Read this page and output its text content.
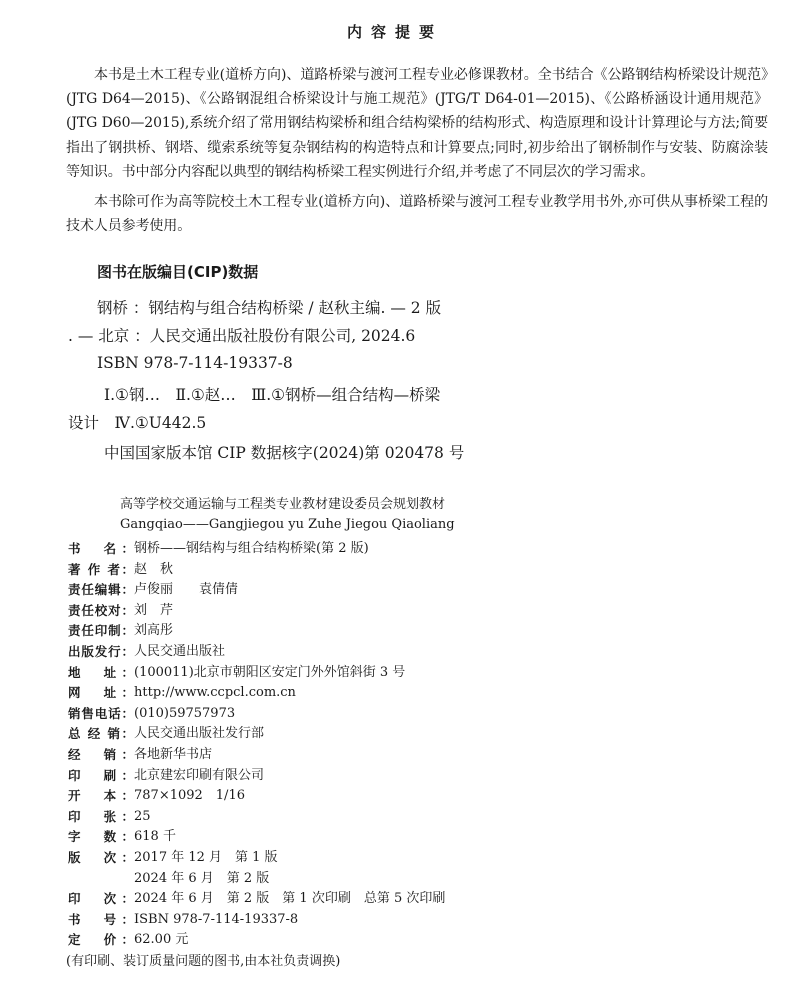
内容提要

本书是土木工程专业(道桥方向)、道路桥梁与渡河工程专业必修课教材。全书结合《公路钢结构桥梁设计规范》(JTG D64—2015)、《公路钢混组合桥梁设计与施工规范》(JTG/T D64-01—2015)、《公路桥涵设计通用规范》(JTG D60—2015),系统介绍了常用钢结构梁桥和组合结构梁桥的结构形式、构造原理和设计计算理论与方法;简要指出了钢拱桥、钢塔、缆索系统等复杂钢结构的构造特点和计算要点;同时,初步给出了钢桥制作与安装、防腐涂装等知识。书中部分内容配以典型的钢结构桥梁工程实例进行介绍,并考虑了不同层次的学习需求。

本书除可作为高等院校土木工程专业(道桥方向)、道路桥梁与渡河工程专业教学用书外,亦可供从事桥梁工程的技术人员参考使用。

图书在版编目(CIP)数据
钢桥 ：钢结构与组合结构桥梁 / 赵秋主编. — 2 版
. — 北京 ：人民交通出版社股份有限公司, 2024.6
ISBN 978-7-114-19337-8
Ⅰ.①钢…　Ⅱ.①赵…　Ⅲ.①钢桥—组合结构—桥梁
设计　Ⅳ.①U442.5
中国国家版本馆 CIP 数据核字(2024)第 020478 号
高等学校交通运输与工程类专业教材建设委员会规划教材
Gangqiao——Gangjiegou yu Zuhe Jiegou Qiaoliang
书　名： 钢桥——钢结构与组合结构桥梁(第 2 版)
著 作 者： 赵　秋
责任编辑： 卢俊丽　　袁倩倩
责任校对： 刘　芹
责任印制： 刘高彤
出版发行： 人民交通出版社
地　址： (100011)北京市朝阳区安定门外外馆斜街 3 号
网　址： http://www.ccpcl.com.cn
销售电话： (010)59757973
总 经 销： 人民交通出版社发行部
经　销： 各地新华书店
印　刷： 北京建宏印刷有限公司
开　本： 787×1092　1/16
印　张： 25
字　数： 618 千
版　次： 2017 年 12 月　第 1 版
2024 年 6 月　第 2 版
印　次： 2024 年 6 月　第 2 版　第 1 次印刷　总第 5 次印刷
书　号： ISBN 978-7-114-19337-8
定　价： 62.00 元
(有印刷、装订质量问题的图书,由本社负责调换)
